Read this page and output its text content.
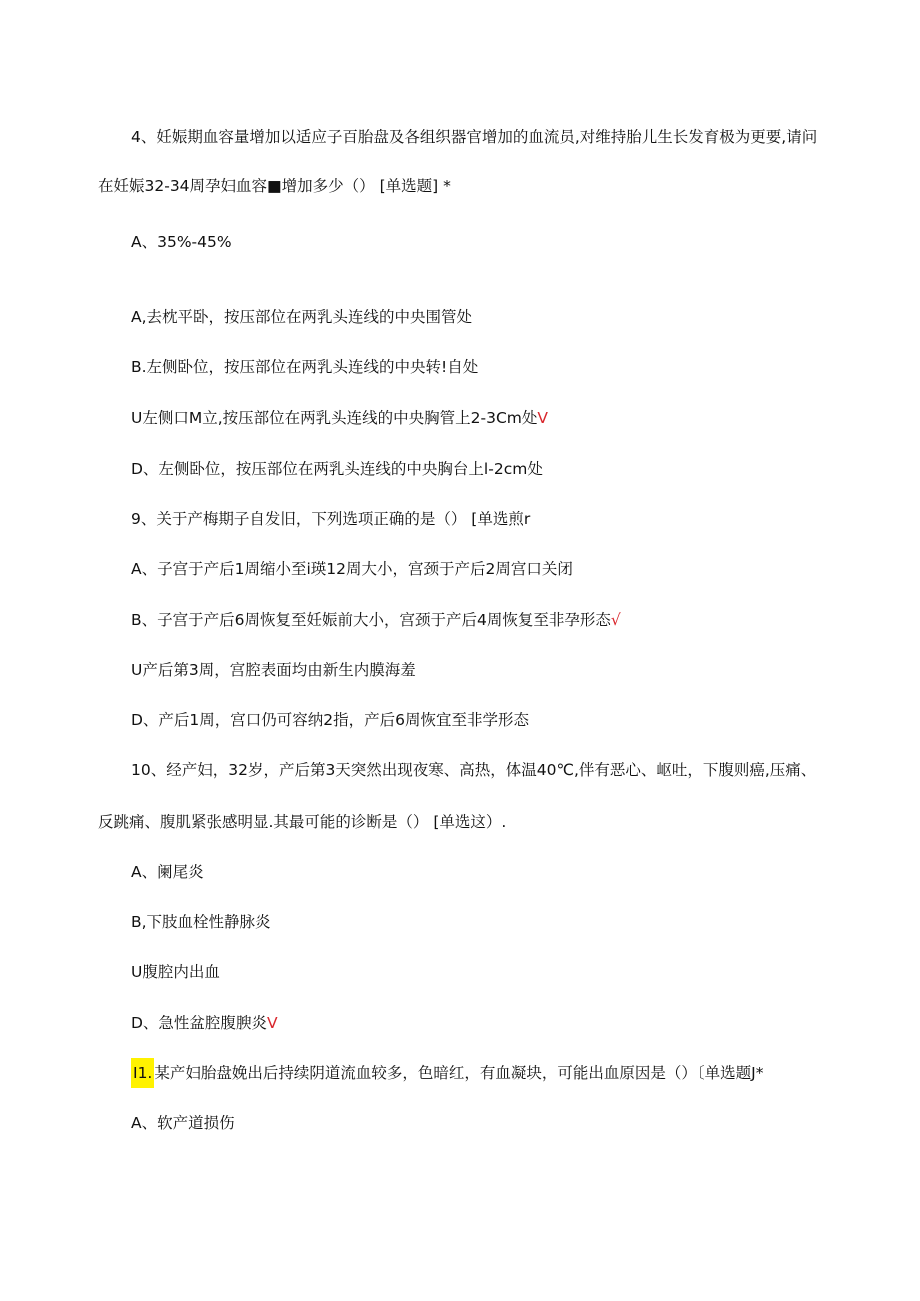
4、妊娠期血容量增加以适应子百胎盘及各组织器官增加的血流员,对维持胎儿生长发育极为更要,请问
在妊娠32-34周孕妇血容■增加多少（） [单选题] *
A、35%-45%
A,去枕平卧，按压部位在两乳头连线的中央围管处
B.左侧卧位，按压部位在两乳头连线的中央转!自处
U左侧口M立,按压部位在两乳头连线的中央胸管上2-3Cm处V
D、左侧卧位，按压部位在两乳头连线的中央胸台上l-2cm处
9、关于产梅期子自发旧，下列选项正确的是（） [单选煎r
A、子宫于产后1周缩小至i瑛12周大小，宫颈于产后2周宫口关闭
B、子宫于产后6周恢复至妊娠前大小，宫颈于产后4周恢复至非孕形态√
U产后第3周，宫腔表面均由新生内膜海羞
D、产后1周，宫口仍可容纳2指，产后6周恢宜至非学形态
10、经产妇，32岁，产后第3天突然出现夜寒、高热，体温40℃,伴有恶心、岖吐，下腹则癌,压痛、
反跳痛、腹肌紧张感明显.其最可能的诊断是（） [单选这）.
A、阑尾炎
B,下肢血栓性静脉炎
U腹腔内出血
D、急性盆腔腹腴炎V
I1. 某产妇胎盘娩出后持续阴道流血较多，色暗红，有血凝块，可能出血原因是（）〔单选题J*
A、软产道损伤
